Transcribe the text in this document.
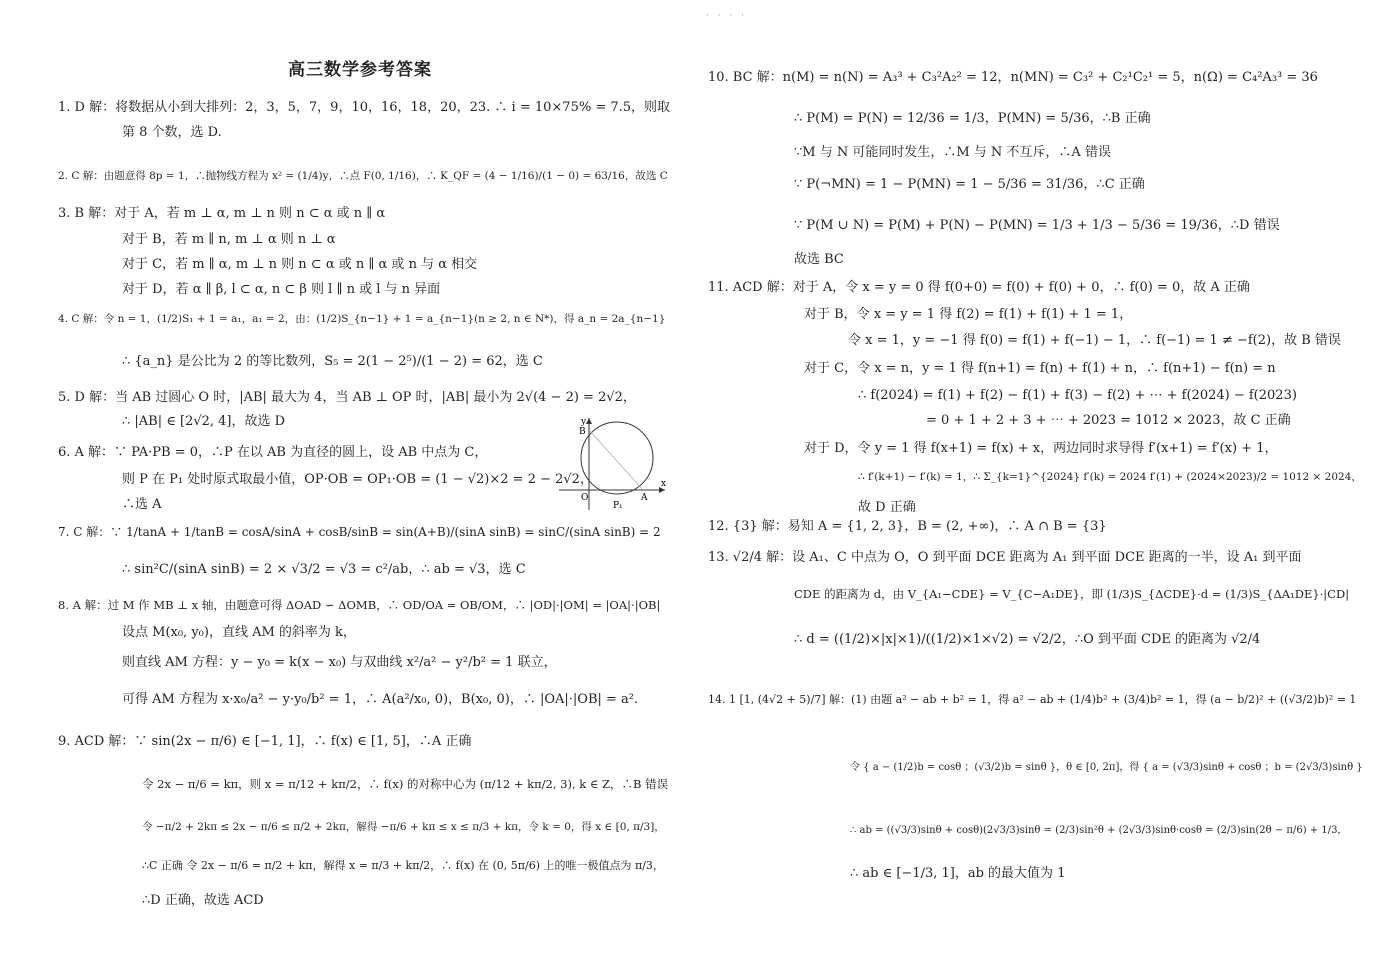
· · · ·
高三数学参考答案
1. D 解：将数据从小到大排列：2，3，5，7，9，10，16，18，20，23. ∴ i = 10×75% = 7.5，则取
第 8 个数，选 D.
2. C 解：由题意得 8p = 1，∴抛物线方程为 x² = (1/4)y，∴点 F(0, 1/16)，∴ K_QF = (4 − 1/16)/(1 − 0) = 63/16，故选 C
3. B 解：对于 A，若 m ⊥ α, m ⊥ n 则 n ⊂ α 或 n ∥ α
对于 B，若 m ∥ n, m ⊥ α 则 n ⊥ α
对于 C，若 m ∥ α, m ⊥ n 则 n ⊂ α 或 n ∥ α 或 n 与 α 相交
对于 D，若 α ∥ β, l ⊂ α, n ⊂ β 则 l ∥ n 或 l 与 n 异面
4. C 解：令 n = 1，(1/2)S₁ + 1 = a₁，a₁ = 2，由：(1/2)S_{n−1} + 1 = a_{n−1}(n ≥ 2, n ∈ N*)，得 a_n = 2a_{n−1}
∴ {a_n} 是公比为 2 的等比数列，S₅ = 2(1 − 2⁵)/(1 − 2) = 62，选 C
5. D 解：当 AB 过圆心 O 时，|AB| 最大为 4，当 AB ⊥ OP 时，|AB| 最小为 2√(4 − 2) = 2√2，
∴ |AB| ∈ [2√2, 4]，故选 D
6. A 解：∵ PA·PB = 0，∴P 在以 AB 为直径的圆上，设 AB 中点为 C，
则 P 在 P₁ 处时原式取最小值，OP·OB = OP₁·OB = (1 − √2)×2 = 2 − 2√2，
∴选 A
7. C 解：∵ 1/tanA + 1/tanB = cosA/sinA + cosB/sinB = sin(A+B)/(sinA sinB) = sinC/(sinA sinB) = 2
∴ sin²C/(sinA sinB) = 2 × √3/2 = √3 = c²/ab，∴ ab = √3，选 C
8. A 解：过 M 作 MB ⊥ x 轴，由题意可得 ΔOAD ∽ ΔOMB，∴ OD/OA = OB/OM，∴ |OD|·|OM| = |OA|·|OB|
设点 M(x₀, y₀)，直线 AM 的斜率为 k，
则直线 AM 方程：y − y₀ = k(x − x₀) 与双曲线 x²/a² − y²/b² = 1 联立，
可得 AM 方程为 x·x₀/a² − y·y₀/b² = 1，∴ A(a²/x₀, 0)，B(x₀, 0)，∴ |OA|·|OB| = a².
9. ACD 解：∵ sin(2x − π/6) ∈ [−1, 1]，∴ f(x) ∈ [1, 5]，∴A 正确
令 2x − π/6 = kπ，则 x = π/12 + kπ/2，∴ f(x) 的对称中心为 (π/12 + kπ/2, 3), k ∈ Z，∴B 错误
令 −π/2 + 2kπ ≤ 2x − π/6 ≤ π/2 + 2kπ，解得 −π/6 + kπ ≤ x ≤ π/3 + kπ，令 k = 0，得 x ∈ [0, π/3]，
∴C 正确 令 2x − π/6 = π/2 + kπ，解得 x = π/3 + kπ/2，∴ f(x) 在 (0, 5π/6) 上的唯一极值点为 π/3，
∴D 正确，故选 ACD
y
x
B
O	A
P₁
10. BC 解：n(M) = n(N) = A₃³ + C₃²A₂² = 12，n(MN) = C₃² + C₂¹C₂¹ = 5，n(Ω) = C₄²A₃³ = 36
∴ P(M) = P(N) = 12/36 = 1/3，P(MN) = 5/36，∴B 正确
∵M 与 N 可能同时发生，∴M 与 N 不互斥，∴A 错误
∵ P(¬MN) = 1 − P(MN) = 1 − 5/36 = 31/36，∴C 正确
∵ P(M ∪ N) = P(M) + P(N) − P(MN) = 1/3 + 1/3 − 5/36 = 19/36，∴D 错误
故选 BC
11. ACD 解：对于 A，令 x = y = 0 得 f(0+0) = f(0) + f(0) + 0，∴ f(0) = 0，故 A 正确
对于 B，令 x = y = 1 得 f(2) = f(1) + f(1) + 1 = 1，
令 x = 1，y = −1 得 f(0) = f(1) + f(−1) − 1，∴ f(−1) = 1 ≠ −f(2)，故 B 错误
对于 C，令 x = n，y = 1 得 f(n+1) = f(n) + f(1) + n，∴ f(n+1) − f(n) = n
∴ f(2024) = f(1) + f(2) − f(1) + f(3) − f(2) + ⋯ + f(2024) − f(2023)
= 0 + 1 + 2 + 3 + ⋯ + 2023 = 1012 × 2023，故 C 正确
对于 D，令 y = 1 得 f(x+1) = f(x) + x，两边同时求导得 f′(x+1) = f′(x) + 1，
∴ f′(k+1) − f′(k) = 1，∴ Σ_{k=1}^{2024} f′(k) = 2024 f′(1) + (2024×2023)/2 = 1012 × 2024，
故 D 正确
12. {3} 解：易知 A = {1, 2, 3}，B = (2, +∞)，∴ A ∩ B = {3}
13. √2/4 解：设 A₁、C 中点为 O，O 到平面 DCE 距离为 A₁ 到平面 DCE 距离的一半，设 A₁ 到平面
CDE 的距离为 d，由 V_{A₁−CDE} = V_{C−A₁DE}，即 (1/3)S_{ΔCDE}·d = (1/3)S_{ΔA₁DE}·|CD|
∴ d = ((1/2)×|x|×1)/((1/2)×1×√2) = √2/2，∴O 到平面 CDE 的距离为 √2/4
14. 1 [1, (4√2 + 5)/7] 解：(1) 由题 a² − ab + b² = 1，得 a² − ab + (1/4)b² + (3/4)b² = 1，得 (a − b/2)² + ((√3/2)b)² = 1
令 { a − (1/2)b = cosθ ；(√3/2)b = sinθ }，θ ∈ [0, 2π]，得 { a = (√3/3)sinθ + cosθ ；b = (2√3/3)sinθ }
∴ ab = ((√3/3)sinθ + cosθ)(2√3/3)sinθ = (2/3)sin²θ + (2√3/3)sinθ·cosθ = (2/3)sin(2θ − π/6) + 1/3，
∴ ab ∈ [−1/3, 1]，ab 的最大值为 1
